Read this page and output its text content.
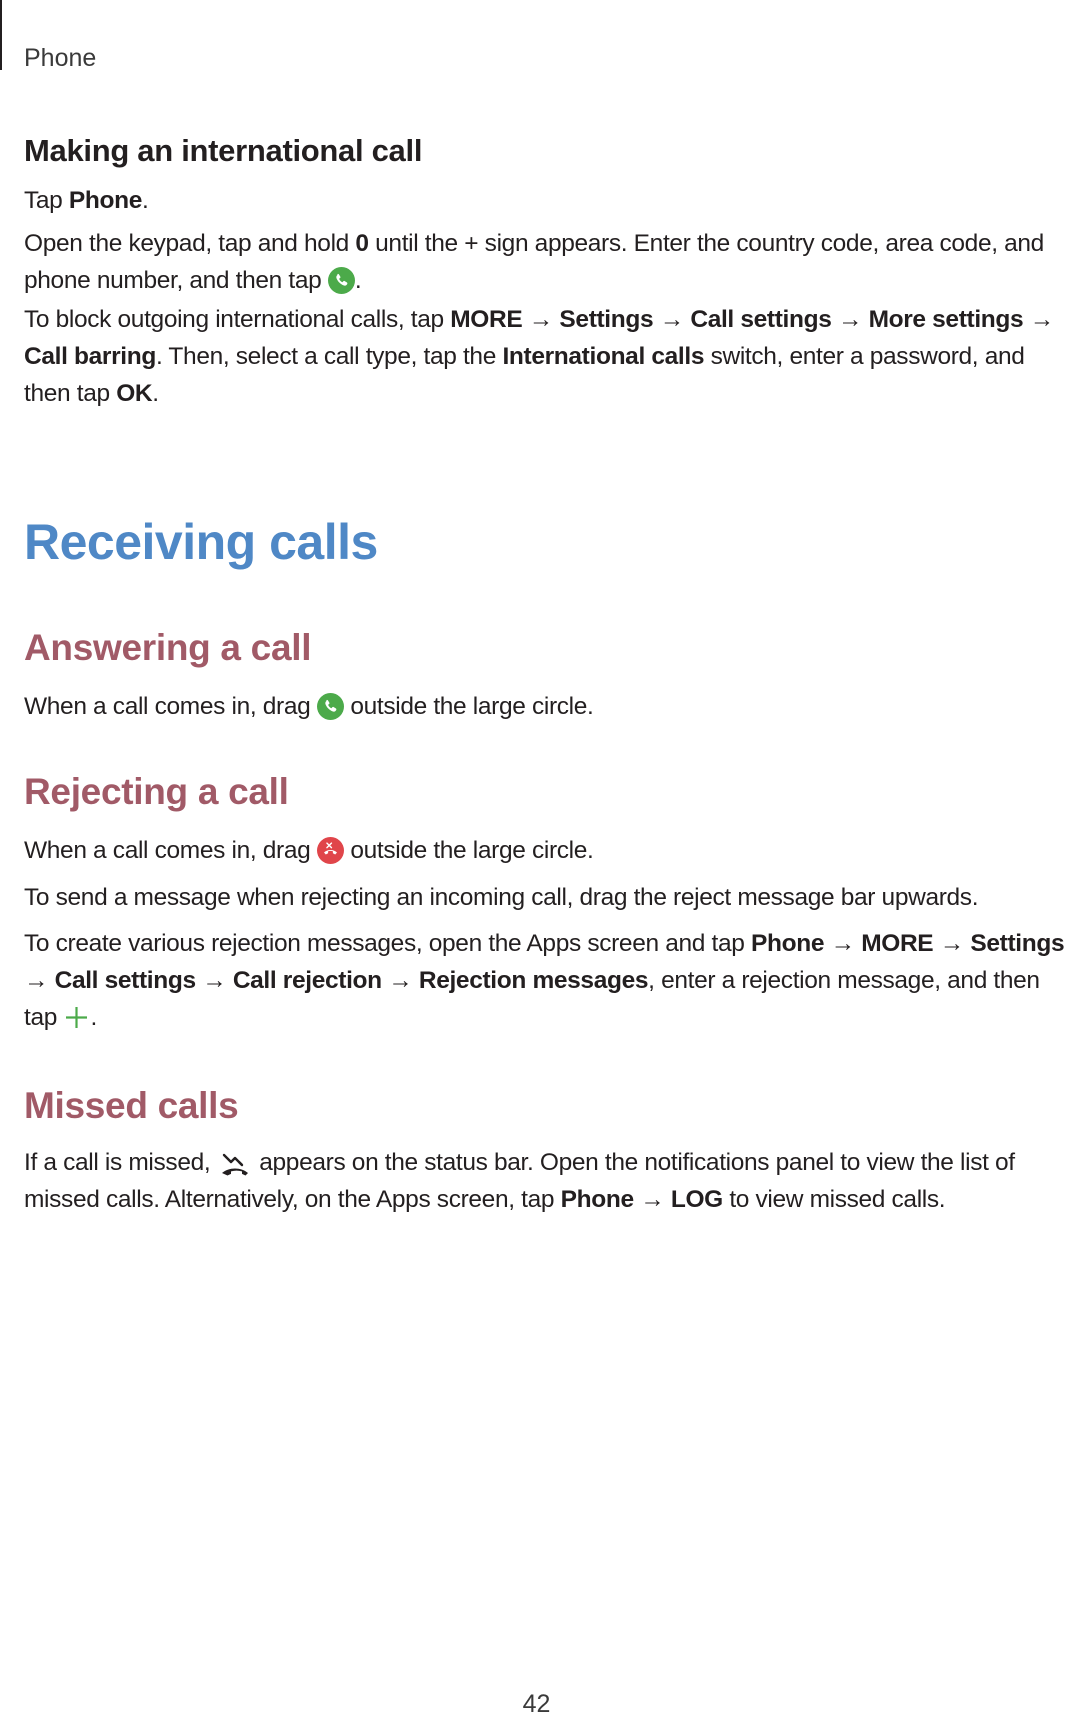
Phone
Making an international call
Tap Phone.
Open the keypad, tap and hold 0 until the + sign appears. Enter the country code, area code, and phone number, and then tap
.
To block outgoing international calls, tap MORE → Settings → Call settings → More settings → Call barring. Then, select a call type, tap the International calls switch, enter a password, and then tap OK.
Receiving calls
Answering a call
When a call comes in, drag
outside the large circle.
Rejecting a call
When a call comes in, drag
outside the large circle.
To send a message when rejecting an incoming call, drag the reject message bar upwards.
To create various rejection messages, open the Apps screen and tap Phone → MORE → Settings → Call settings → Call rejection → Rejection messages, enter a rejection message, and then tap
.
Missed calls
If a call is missed,
appears on the status bar. Open the notifications panel to view the list of missed calls. Alternatively, on the Apps screen, tap Phone → LOG to view missed calls.
42
